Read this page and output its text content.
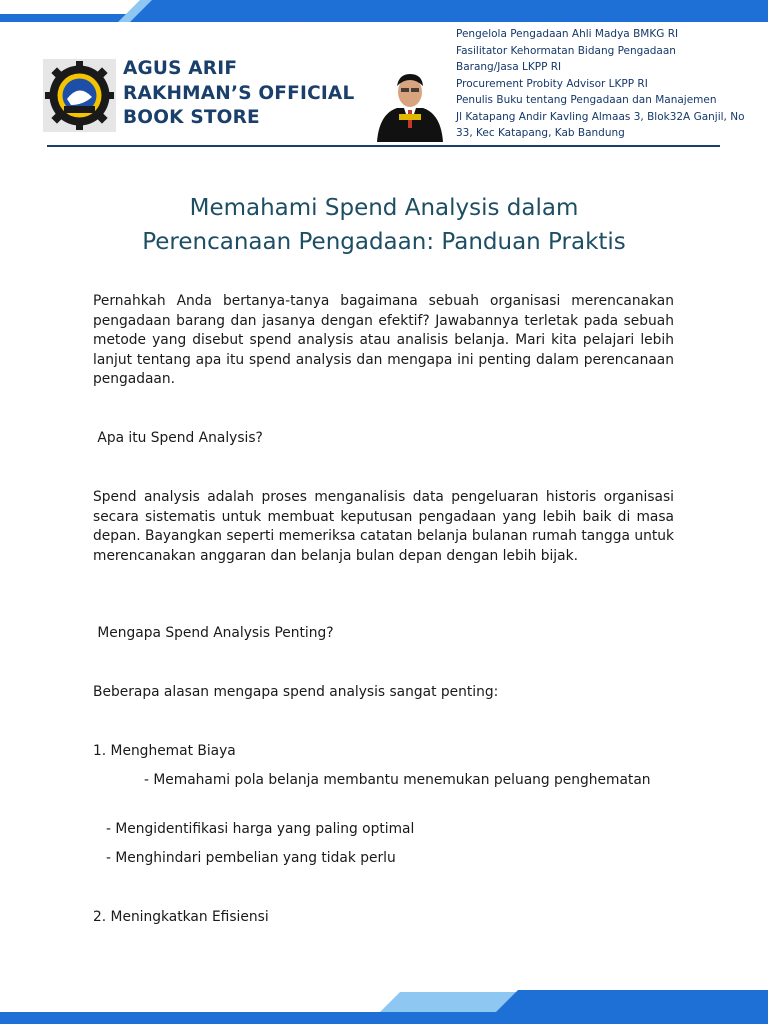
AGUS ARIF
RAKHMAN’S OFFICIAL
BOOK STORE
Pengelola Pengadaan Ahli Madya BMKG RI
Fasilitator Kehormatan Bidang Pengadaan
Barang/Jasa LKPP RI
Procurement Probity Advisor LKPP RI
Penulis Buku tentang Pengadaan dan Manajemen
Jl Katapang Andir Kavling Almaas 3, Blok32A Ganjil, No
33, Kec Katapang, Kab Bandung
Memahami Spend Analysis dalam
Perencanaan Pengadaan: Panduan Praktis
Pernahkah Anda bertanya-tanya bagaimana sebuah organisasi merencanakan pengadaan barang dan jasanya dengan efektif? Jawabannya terletak pada sebuah metode yang disebut spend analysis atau analisis belanja. Mari kita pelajari lebih lanjut tentang apa itu spend analysis dan mengapa ini penting dalam perencanaan pengadaan.
Apa itu Spend Analysis?
Spend analysis adalah proses menganalisis data pengeluaran historis organisasi secara sistematis untuk membuat keputusan pengadaan yang lebih baik di masa depan. Bayangkan seperti memeriksa catatan belanja bulanan rumah tangga untuk merencanakan anggaran dan belanja bulan depan dengan lebih bijak.
Mengapa Spend Analysis Penting?
Beberapa alasan mengapa spend analysis sangat penting:
1. Menghemat Biaya
- Memahami pola belanja membantu menemukan peluang penghematan
- Mengidentifikasi harga yang paling optimal
- Menghindari pembelian yang tidak perlu
2. Meningkatkan Efisiensi
